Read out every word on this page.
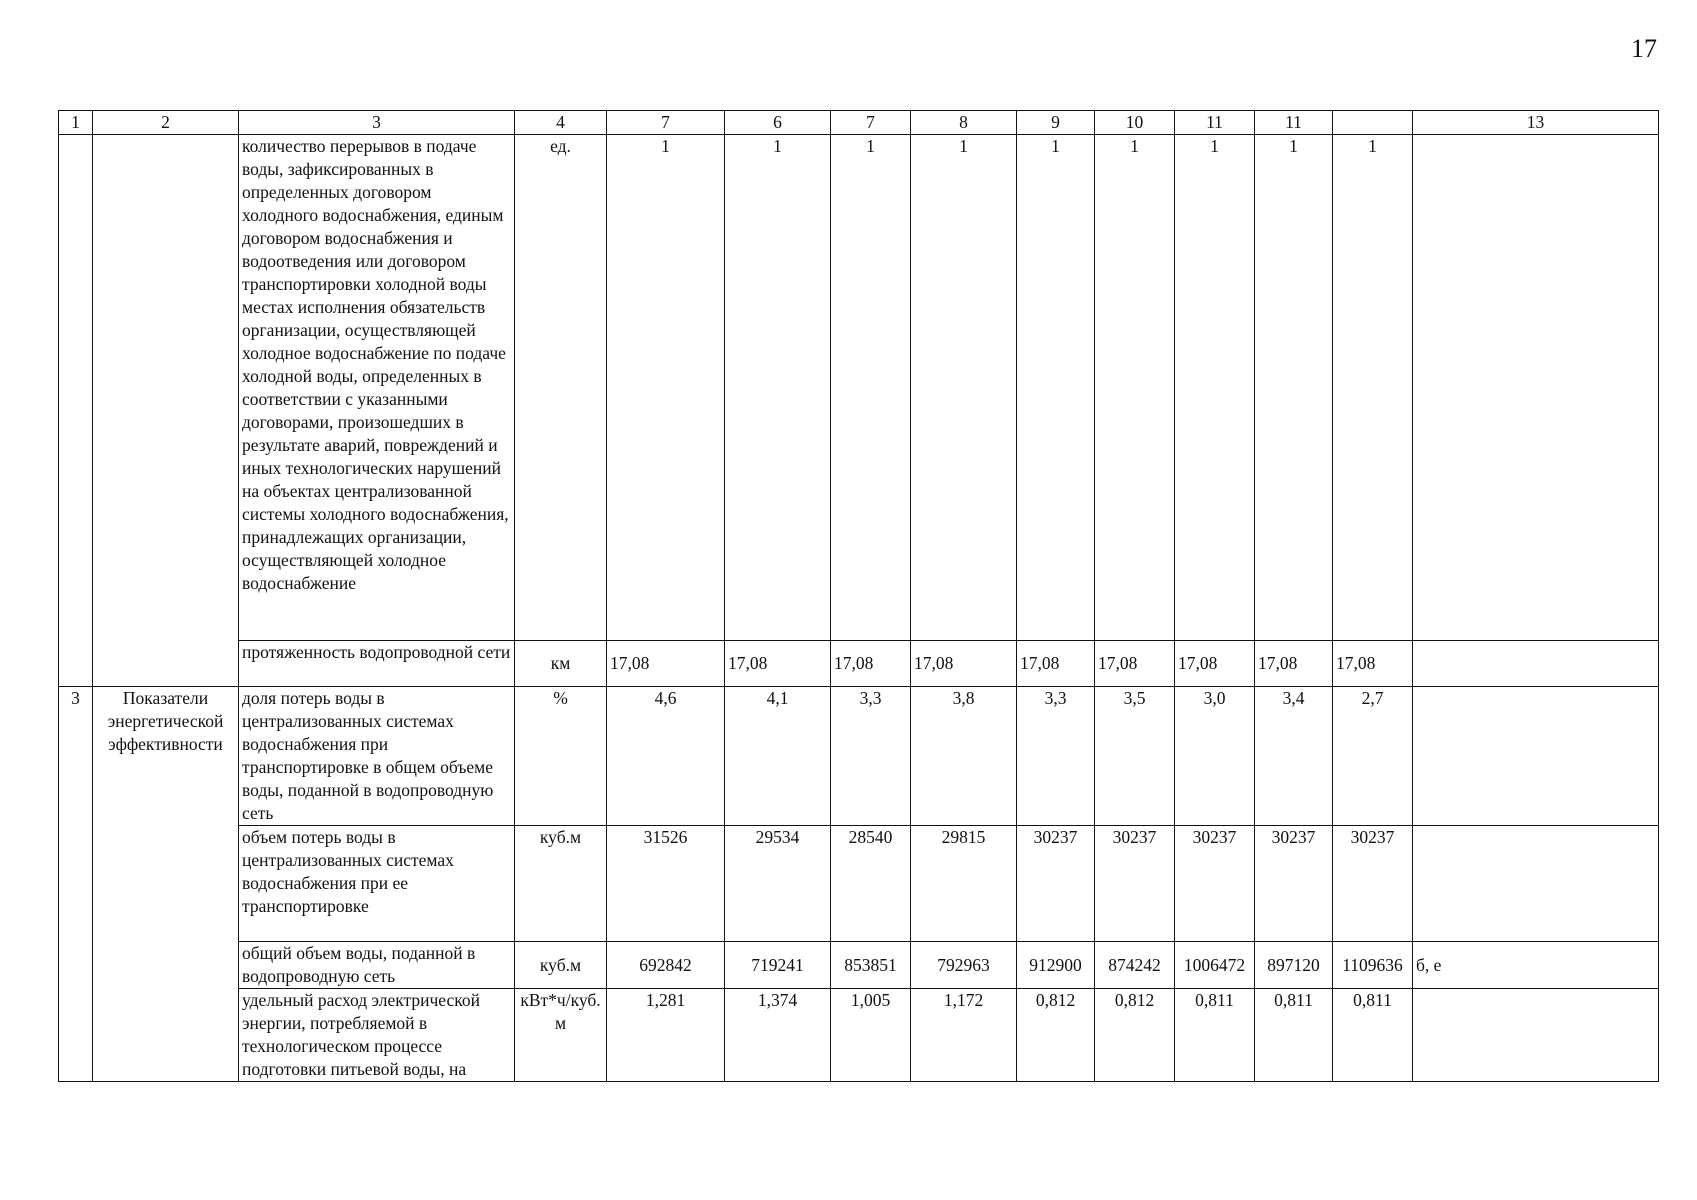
17
1	2	3	4	7	6	7	8	9	10	11	11		13
		количество перерывов в подаче воды, зафиксированных в определенных договором холодного водоснабжения, единым договором водоснабжения и водоотведения или договором транспортировки холодной воды местах исполнения обязательств организации, осуществляющей холодное водоснабжение по подаче холодной воды, определенных в соответствии с указанными договорами, произошедших в результате аварий, повреждений и иных технологических нарушений на объектах централизованной системы холодного водоснабжения, принадлежащих организации, осуществляющей холодное водоснабжение	ед.	1	1	1	1	1	1	1	1	1	
		протяженность водопроводной сети	км	17,08	17,08	17,08	17,08	17,08	17,08	17,08	17,08	17,08	
3	Показатели энергетической эффективности	доля потерь воды в централизованных системах водоснабжения при транспортировке в общем объеме воды, поданной в водопроводную сеть	%	4,6	4,1	3,3	3,8	3,3	3,5	3,0	3,4	2,7	
		объем потерь воды в централизованных системах водоснабжения при ее транспортировке	куб.м	31526	29534	28540	29815	30237	30237	30237	30237	30237	
		общий объем воды, поданной в водопроводную сеть	куб.м	692842	719241	853851	792963	912900	874242	1006472	897120	1109636	б, е
		удельный расход электрической энергии, потребляемой в технологическом процессе подготовки питьевой воды, на	кВт*ч/куб. м	1,281	1,374	1,005	1,172	0,812	0,812	0,811	0,811	0,811	
